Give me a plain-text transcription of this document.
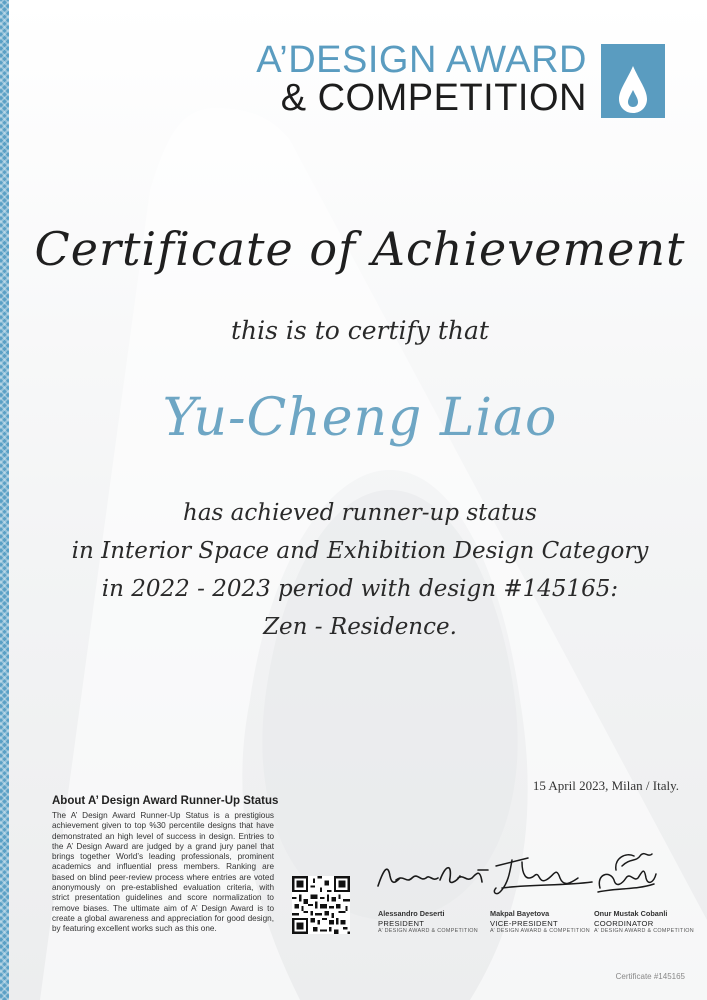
A’DESIGN AWARD
& COMPETITION
Certificate of Achievement
this is to certify that
Yu-Cheng Liao
has achieved runner-up status
in Interior Space and Exhibition Design Category
in 2022 - 2023 period with design #145165:
Zen - Residence.
15 April 2023, Milan / Italy.
About A’ Design Award Runner-Up Status
The A’ Design Award Runner-Up Status is a prestigious achievement given to top %30 percentile designs that have demonstrated an high level of success in design. Entries to the A’ Design Award are judged by a grand jury panel that brings together World’s leading professionals, prominent academics and influential press members. Ranking are based on blind peer-review process where entries are voted anonymously on pre-established evaluation criteria, with strict presentation guidelines and score normalization to remove biases. The ultimate aim of A’ Design Award is to create a global awareness and appreciation for good design, by featuring excellent works such as this one.
Alessandro Deserti
PRESIDENT
A’ DESIGN AWARD & COMPETITION
Makpal Bayetova
VICE-PRESIDENT
A’ DESIGN AWARD & COMPETITION
Onur Mustak Cobanli
COORDINATOR
A’ DESIGN AWARD & COMPETITION
Certificate #145165
